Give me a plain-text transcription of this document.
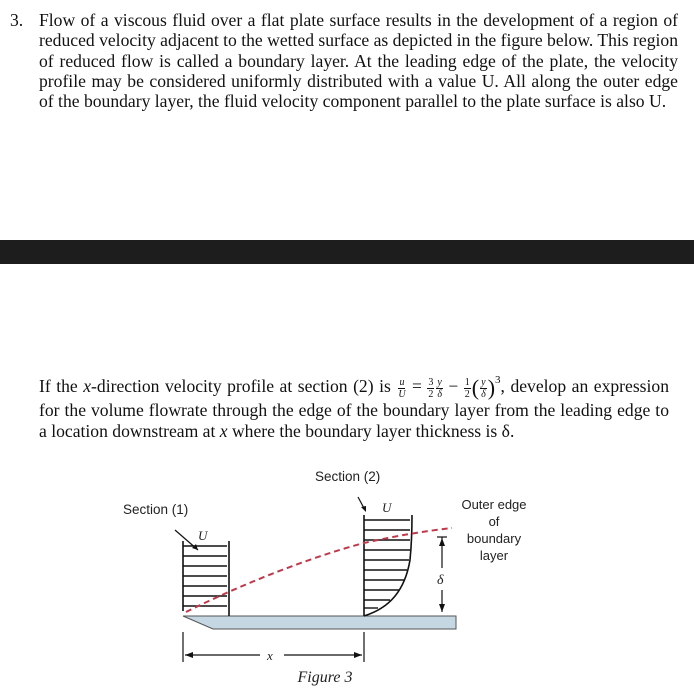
3. Flow of a viscous fluid over a flat plate surface results in the development of a region of reduced velocity adjacent to the wetted surface as depicted in the figure below. This region of reduced flow is called a boundary layer. At the leading edge of the plate, the velocity profile may be considered uniformly distributed with a value U. All along the outer edge of the boundary layer, the fluid velocity component parallel to the plate surface is also U.
If the x-direction velocity profile at section (2) is $\frac{u}{U} = \frac{3}{2} \frac{y}{\delta} - \frac{1}{2}$ ( $\frac{y}{\delta} )^3$, develop an expression for the volume flowrate through the edge of the boundary layer from the leading edge to a location downstream at x where the boundary layer thickness is δ.
Section (1)
Section (2)
U
U
δ
x
Outer edge
of
boundary
layer
Figure 3
